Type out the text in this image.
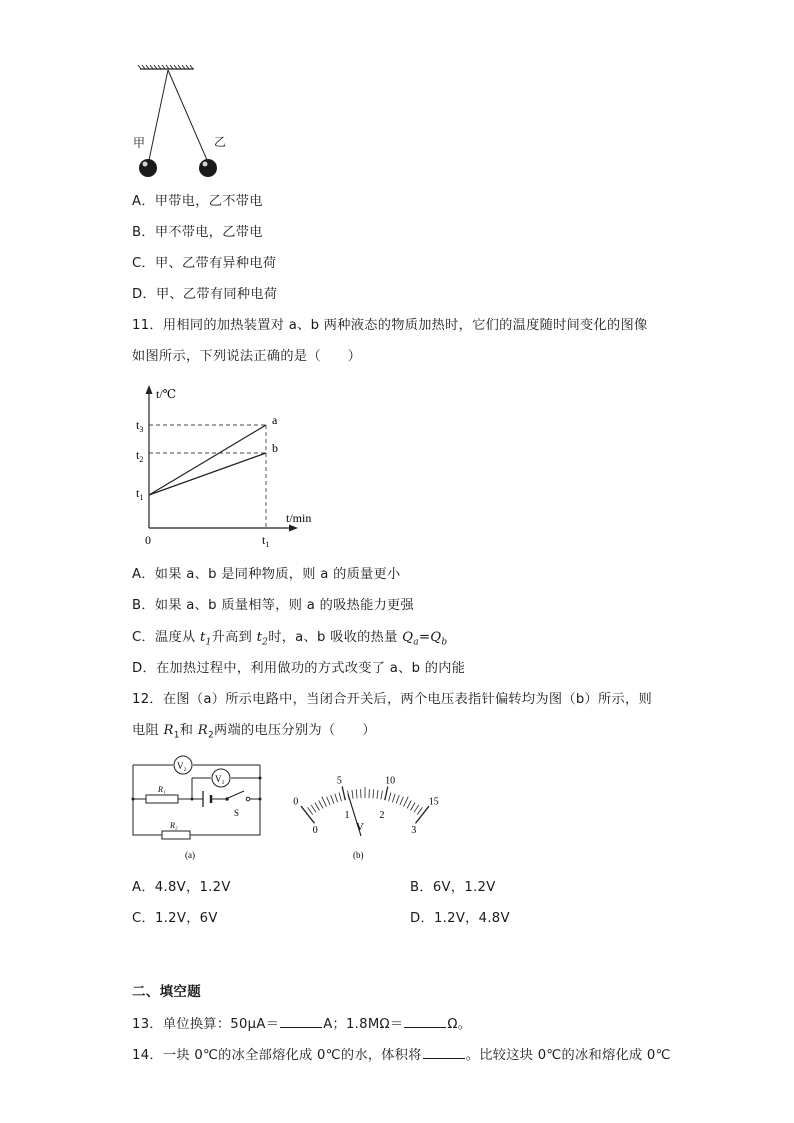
甲	乙
A．甲带电，乙不带电
B．甲不带电，乙带电
C．甲、乙带有异种电荷
D．甲、乙带有同种电荷
11．用相同的加热装置对 a、b 两种液态的物质加热时，它们的温度随时间变化的图像
如图所示，下列说法正确的是（　　）
a
b
$t_1$
$t_2$
$t_3$
$t_1$
t/℃
t/min
0
A．如果 a、b 是同种物质，则 a 的质量更小
B．如果 a、b 质量相等，则 a 的吸热能力更强
C．温度从 $t_1$升高到 $t_2$时，a、b 吸收的热量 $Q_a=Q_b$
D．在加热过程中，利用做功的方式改变了 a、b 的内能
12．在图（a）所示电路中，当闭合开关后，两个电压表指针偏转均为图（b）所示，则
电阻 $R_1$和 $R_2$两端的电压分别为（　　）
V₂
V₁
R₁
S
R₂
(a)
0
5	10
15
0
1	2
3
V
(b)
A．4.8V，1.2V	B．6V，1.2V
C．1.2V，6V	D．1.2V，4.8V
二、填空题
13．单位换算：50μA＝	A；1.8MΩ＝	Ω。
14．一块 0℃的冰全部熔化成 0℃的水，体积将	。比较这块 0℃的冰和熔化成 0℃
